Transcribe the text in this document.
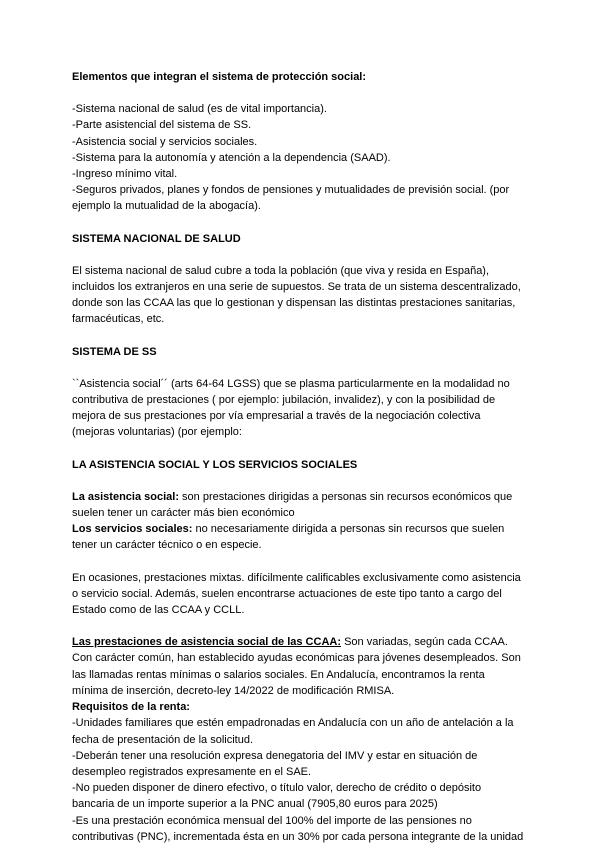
Elementos que integran el sistema de protección social:

-Sistema nacional de salud (es de vital importancia).

-Parte asistencial del sistema de SS.

-Asistencia social y servicios sociales.

-Sistema para la autonomía y atención a la dependencia (SAAD).

-Ingreso mínimo vital.

-Seguros privados, planes y fondos de pensiones y mutualidades de previsión social. (por

ejemplo la mutualidad de la abogacía).

SISTEMA NACIONAL DE SALUD

El sistema nacional de salud cubre a toda la población (que viva y resida en España),

incluidos los extranjeros en una serie de supuestos. Se trata de un sistema descentralizado,

donde son las CCAA las que lo gestionan y dispensan las distintas prestaciones sanitarias,

farmacéuticas, etc.

SISTEMA DE SS

``Asistencia social´´ (arts 64-64 LGSS) que se plasma particularmente en la modalidad no

contributiva de prestaciones ( por ejemplo: jubilación, invalidez), y con la posibilidad de

mejora de sus prestaciones por vía empresarial a través de la negociación colectiva

(mejoras voluntarias) (por ejemplo:

LA ASISTENCIA SOCIAL Y LOS SERVICIOS SOCIALES

La asistencia social: son prestaciones dirigidas a personas sin recursos económicos que

suelen tener un carácter más bien económico

Los servicios sociales: no necesariamente dirigida a personas sin recursos que suelen

tener un carácter técnico o en especie.

En ocasiones, prestaciones mixtas. difícilmente calificables exclusivamente como asistencia

o servicio social. Además, suelen encontrarse actuaciones de este tipo tanto a cargo del

Estado como de las CCAA y CCLL.

Las prestaciones de asistencia social de las CCAA: Son variadas, según cada CCAA.

Con carácter común, han establecido ayudas económicas para jóvenes desempleados. Son

las llamadas rentas mínimas o salarios sociales. En Andalucía, encontramos la renta

mínima de inserción, decreto-ley 14/2022 de modificación RMISA.

Requisitos de la renta:

-Unidades familiares que estén empadronadas en Andalucía con un año de antelación a la

fecha de presentación de la solicitud.

-Deberán tener una resolución expresa denegatoria del IMV y estar en situación de

desempleo registrados expresamente en el SAE.

-No pueden disponer de dinero efectivo, o título valor, derecho de crédito o depósito

bancaria de un importe superior a la PNC anual (7905,80 euros para 2025)

-Es una prestación económica mensual del 100% del importe de las pensiones no

contributivas (PNC), incrementada ésta en un 30% por cada persona integrante de la unidad
